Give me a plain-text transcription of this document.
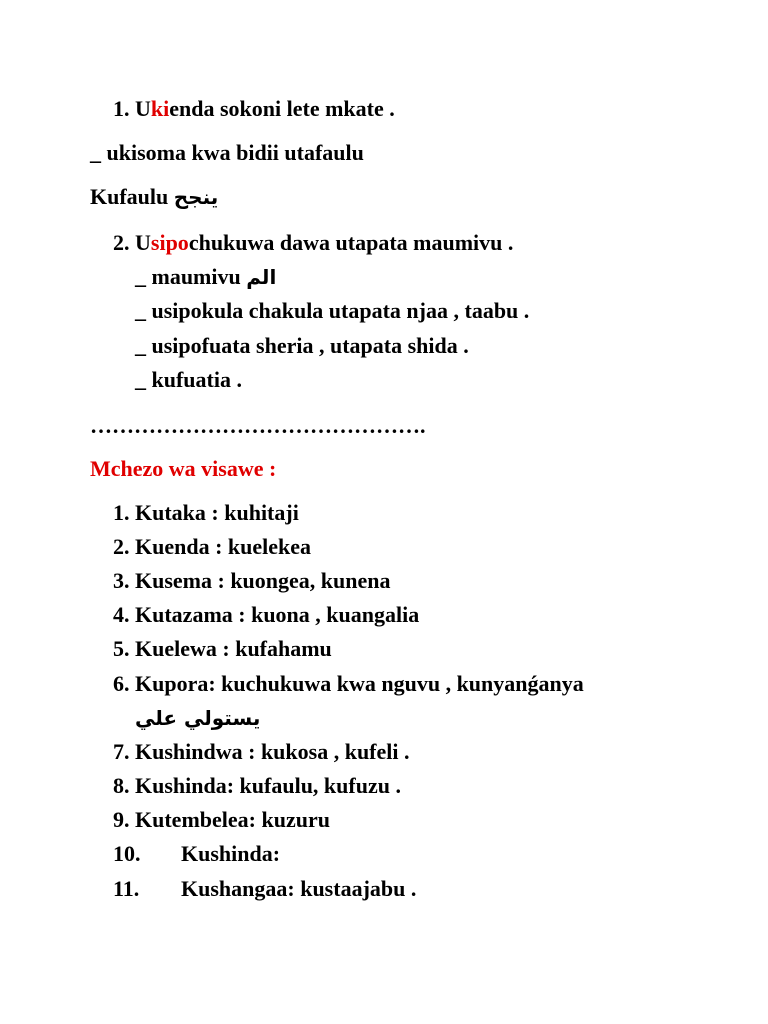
1. Ukienda sokoni lete mkate .
_ ukisoma kwa bidii utafaulu
Kufaulu ينجح
2. Usipochukuwa dawa utapata maumivu .
_ maumivu الم
_ usipokula chakula utapata njaa , taabu .
_ usipofuata sheria , utapata shida .
_ kufuatia .
……………………………………….
Mchezo wa visawe :
1. Kutaka : kuhitaji
2. Kuenda : kuelekea
3. Kusema : kuongea, kunena
4. Kutazama : kuona , kuangalia
5. Kuelewa : kufahamu
6. Kupora: kuchukuwa kwa nguvu , kunyanǵanya
يستولي علي
7. Kushindwa : kukosa , kufeli .
8. Kushinda: kufaulu, kufuzu .
9. Kutembelea: kuzuru
10. Kushinda:
11. Kushangaa: kustaajabu .
